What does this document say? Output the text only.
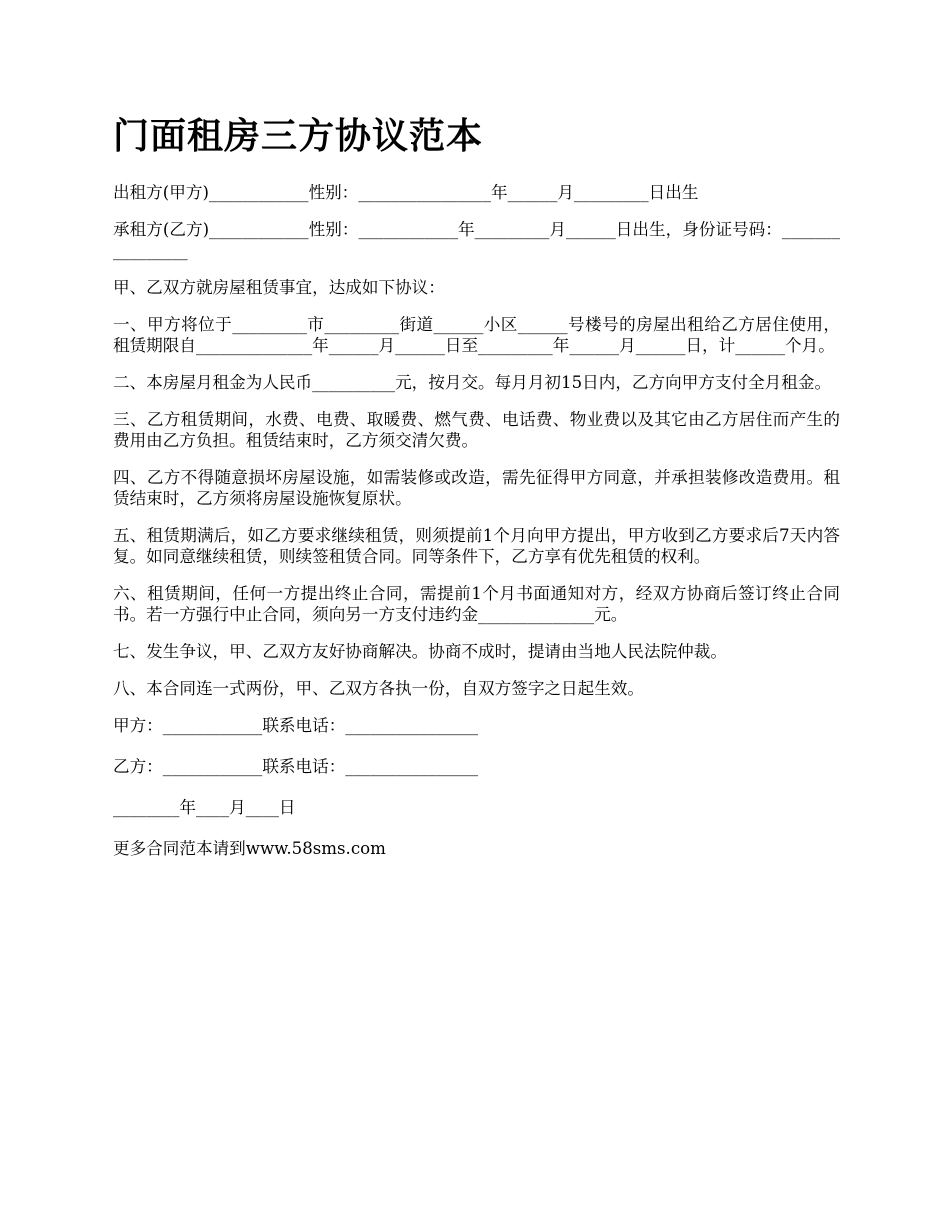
门面租房三方协议范本

出租方(甲方)____________性别：________________年______月_________日出生

承租方(乙方)____________性别：____________年_________月______日出生，身份证号码：________________

甲、乙双方就房屋租赁事宜，达成如下协议：

一、甲方将位于_________市_________街道______小区______号楼号的房屋出租给乙方居住使用，租赁期限自______________年______月______日至_________年______月______日，计______个月。

二、本房屋月租金为人民币__________元，按月交。每月月初15日内，乙方向甲方支付全月租金。

三、乙方租赁期间，水费、电费、取暖费、燃气费、电话费、物业费以及其它由乙方居住而产生的费用由乙方负担。租赁结束时，乙方须交清欠费。

四、乙方不得随意损坏房屋设施，如需装修或改造，需先征得甲方同意，并承担装修改造费用。租赁结束时，乙方须将房屋设施恢复原状。

五、租赁期满后，如乙方要求继续租赁，则须提前1个月向甲方提出，甲方收到乙方要求后7天内答复。如同意继续租赁，则续签租赁合同。同等条件下，乙方享有优先租赁的权利。

六、租赁期间，任何一方提出终止合同，需提前1个月书面通知对方，经双方协商后签订终止合同书。若一方强行中止合同，须向另一方支付违约金______________元。

七、发生争议，甲、乙双方友好协商解决。协商不成时，提请由当地人民法院仲裁。

八、本合同连一式两份，甲、乙双方各执一份，自双方签字之日起生效。

甲方：____________联系电话：________________

乙方：____________联系电话：________________

________年____月____日

更多合同范本请到www.58sms.com
